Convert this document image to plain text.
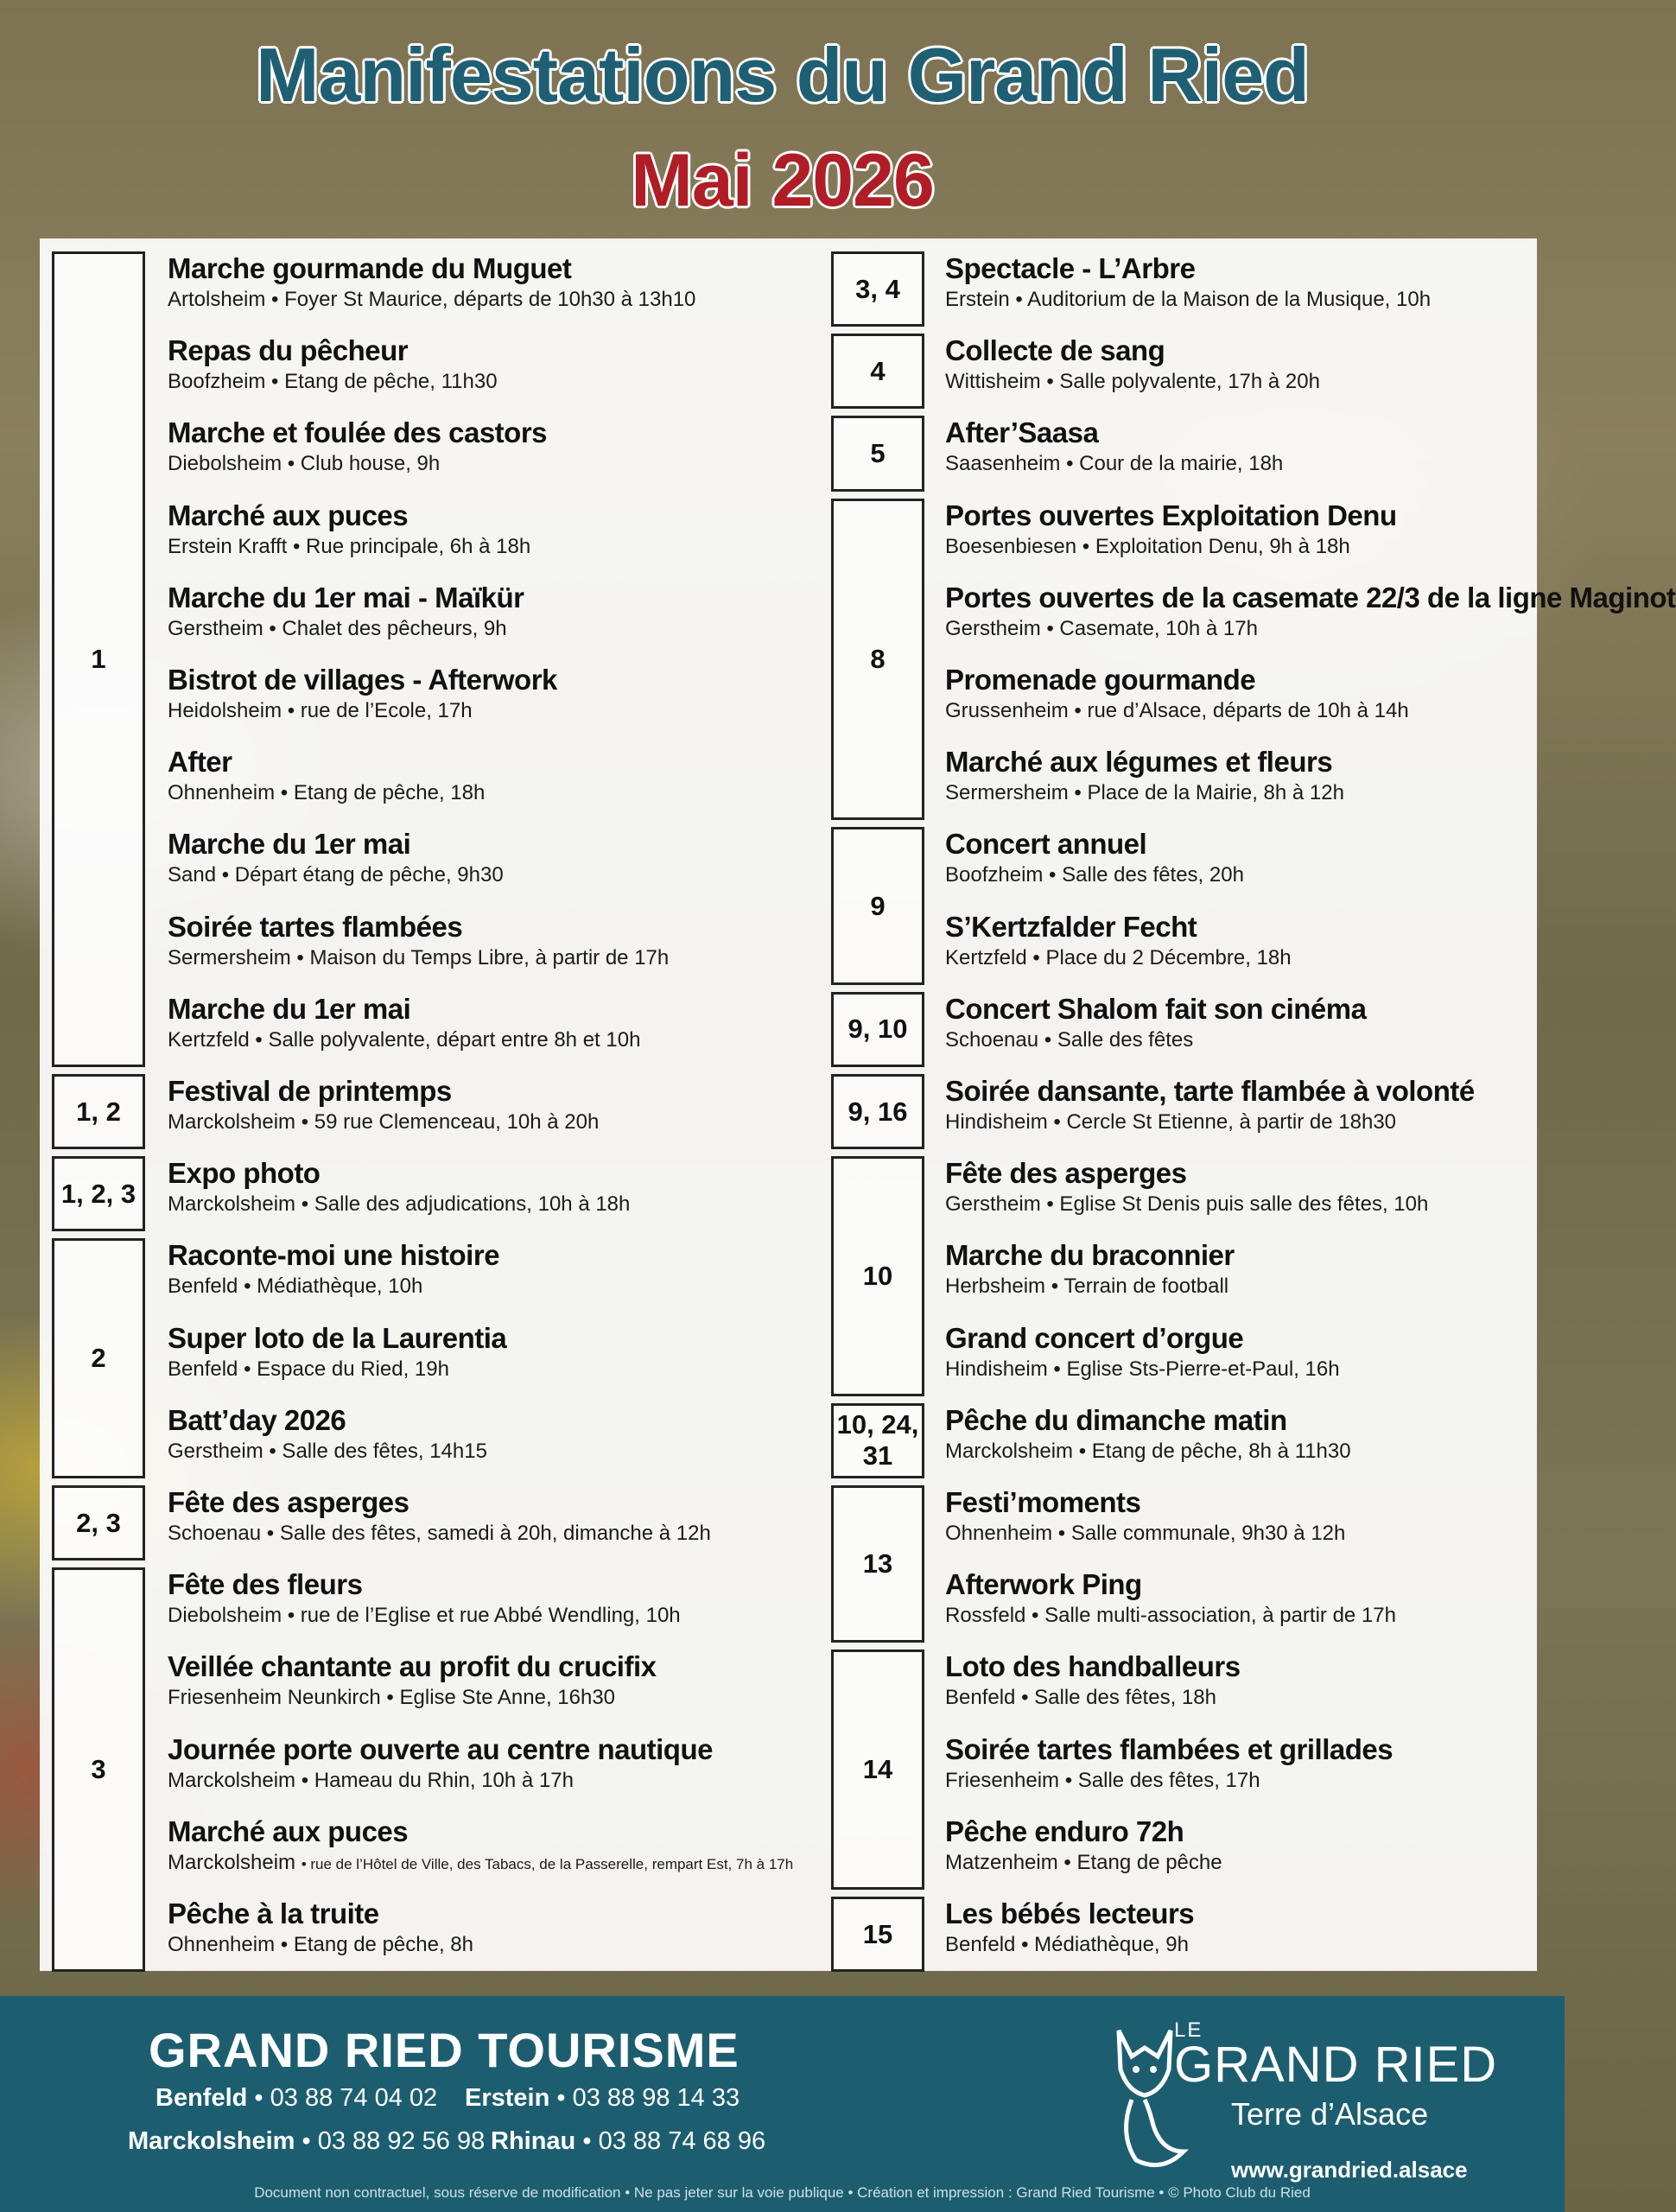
Manifestations du Grand Ried
Mai 2026
1
Marche gourmande du Muguet
Artolsheim • Foyer St Maurice, départs de 10h30 à 13h10
Repas du pêcheur
Boofzheim • Etang de pêche, 11h30
Marche et foulée des castors
Diebolsheim • Club house, 9h
Marché aux puces
Erstein Krafft • Rue principale, 6h à 18h
Marche du 1er mai - Maïkür
Gerstheim • Chalet des pêcheurs, 9h
Bistrot de villages - Afterwork
Heidolsheim • rue de l’Ecole, 17h
After
Ohnenheim • Etang de pêche, 18h
Marche du 1er mai
Sand • Départ étang de pêche, 9h30
Soirée tartes flambées
Sermersheim • Maison du Temps Libre, à partir de 17h
Marche du 1er mai
Kertzfeld • Salle polyvalente, départ entre 8h et 10h
1, 2
Festival de printemps
Marckolsheim • 59 rue Clemenceau, 10h à 20h
1, 2, 3
Expo photo
Marckolsheim • Salle des adjudications, 10h à 18h
2
Raconte-moi une histoire
Benfeld • Médiathèque, 10h
Super loto de la Laurentia
Benfeld • Espace du Ried, 19h
Batt’day 2026
Gerstheim • Salle des fêtes, 14h15
2, 3
Fête des asperges
Schoenau • Salle des fêtes, samedi à 20h, dimanche à 12h
3
Fête des fleurs
Diebolsheim • rue de l’Eglise et rue Abbé Wendling, 10h
Veillée chantante au profit du crucifix
Friesenheim Neunkirch • Eglise Ste Anne, 16h30
Journée porte ouverte au centre nautique
Marckolsheim • Hameau du Rhin, 10h à 17h
Marché aux puces
Marckolsheim • rue de l’Hôtel de Ville, des Tabacs, de la Passerelle, rempart Est, 7h à 17h
Pêche à la truite
Ohnenheim • Etang de pêche, 8h
3, 4
Spectacle - L’Arbre
Erstein • Auditorium de la Maison de la Musique, 10h
4
Collecte de sang
Wittisheim • Salle polyvalente, 17h à 20h
5
After’Saasa
Saasenheim • Cour de la mairie, 18h
8
Portes ouvertes Exploitation Denu
Boesenbiesen • Exploitation Denu, 9h à 18h
Portes ouvertes de la casemate 22/3 de la ligne Maginot
Gerstheim • Casemate, 10h à 17h
Promenade gourmande
Grussenheim • rue d’Alsace, départs de 10h à 14h
Marché aux légumes et fleurs
Sermersheim • Place de la Mairie, 8h à 12h
9
Concert annuel
Boofzheim • Salle des fêtes, 20h
S’Kertzfalder Fecht
Kertzfeld • Place du 2 Décembre, 18h
9, 10
Concert Shalom fait son cinéma
Schoenau • Salle des fêtes
9, 16
Soirée dansante, tarte flambée à volonté
Hindisheim • Cercle St Etienne, à partir de 18h30
10
Fête des asperges
Gerstheim • Eglise St Denis puis salle des fêtes, 10h
Marche du braconnier
Herbsheim • Terrain de football
Grand concert d’orgue
Hindisheim • Eglise Sts-Pierre-et-Paul, 16h
10, 24, 31
Pêche du dimanche matin
Marckolsheim • Etang de pêche, 8h à 11h30
13
Festi’moments
Ohnenheim • Salle communale, 9h30 à 12h
Afterwork Ping
Rossfeld • Salle multi-association, à partir de 17h
14
Loto des handballeurs
Benfeld • Salle des fêtes, 18h
Soirée tartes flambées et grillades
Friesenheim • Salle des fêtes, 17h
Pêche enduro 72h
Matzenheim • Etang de pêche
15
Les bébés lecteurs
Benfeld • Médiathèque, 9h
GRAND RIED TOURISME
Benfeld • 03 88 74 04 02 Erstein • 03 88 98 14 33
Marckolsheim • 03 88 92 56 98 Rhinau • 03 88 74 68 96
LE
GRAND RIED
Terre d’Alsace
www.grandried.alsace
Document non contractuel, sous réserve de modification • Ne pas jeter sur la voie publique • Création et impression : Grand Ried Tourisme • © Photo Club du Ried
